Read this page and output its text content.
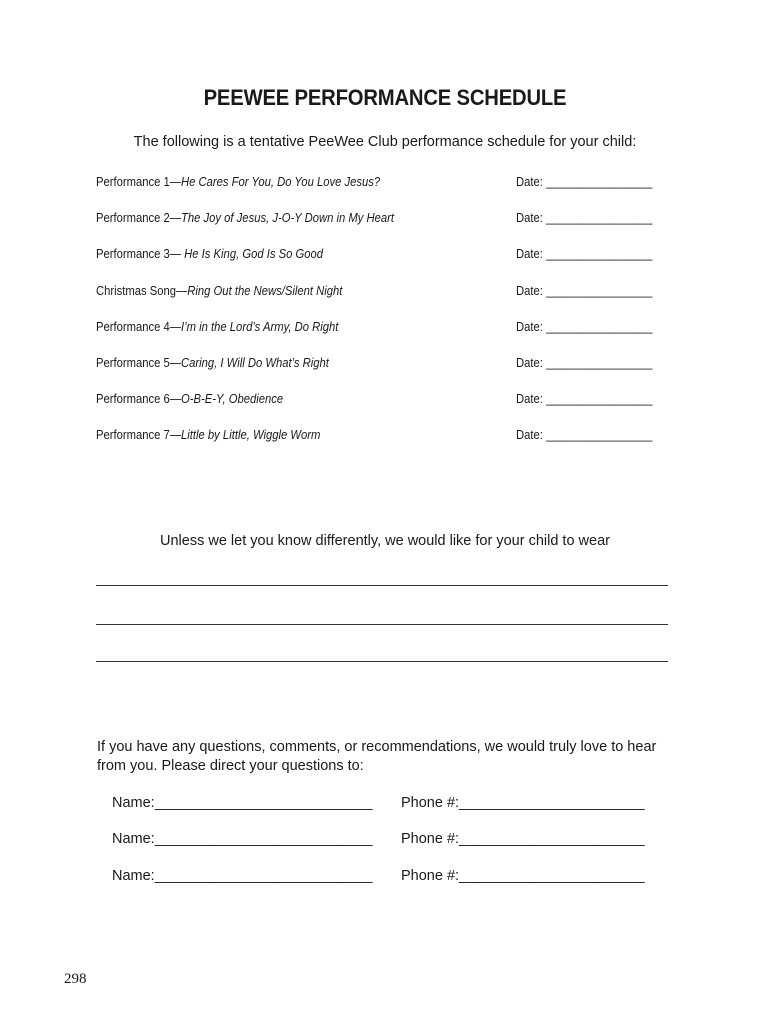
PEEWEE PERFORMANCE SCHEDULE
The following is a tentative PeeWee Club performance schedule for your child:
Performance 1—He Cares For You, Do You Love Jesus?	Date: _________________
Performance 2—The Joy of Jesus, J-O-Y Down in My Heart	Date: _________________
Performance 3— He Is King, God Is So Good	Date: _________________
Christmas Song—Ring Out the News/Silent Night	Date: _________________
Performance 4—I’m in the Lord’s Army, Do Right	Date: _________________
Performance 5—Caring, I Will Do What’s Right	Date: _________________
Performance 6—O-B-E-Y, Obedience	Date: _________________
Performance 7—Little by Little, Wiggle Worm	Date: _________________
Unless we let you know differently, we would like for your child to wear
If you have any questions, comments, or recommendations, we would truly love to hear from you. Please direct your questions to:
Name:___________________________ Phone #:_______________________
Name:___________________________ Phone #:_______________________
Name:___________________________ Phone #:_______________________
298
